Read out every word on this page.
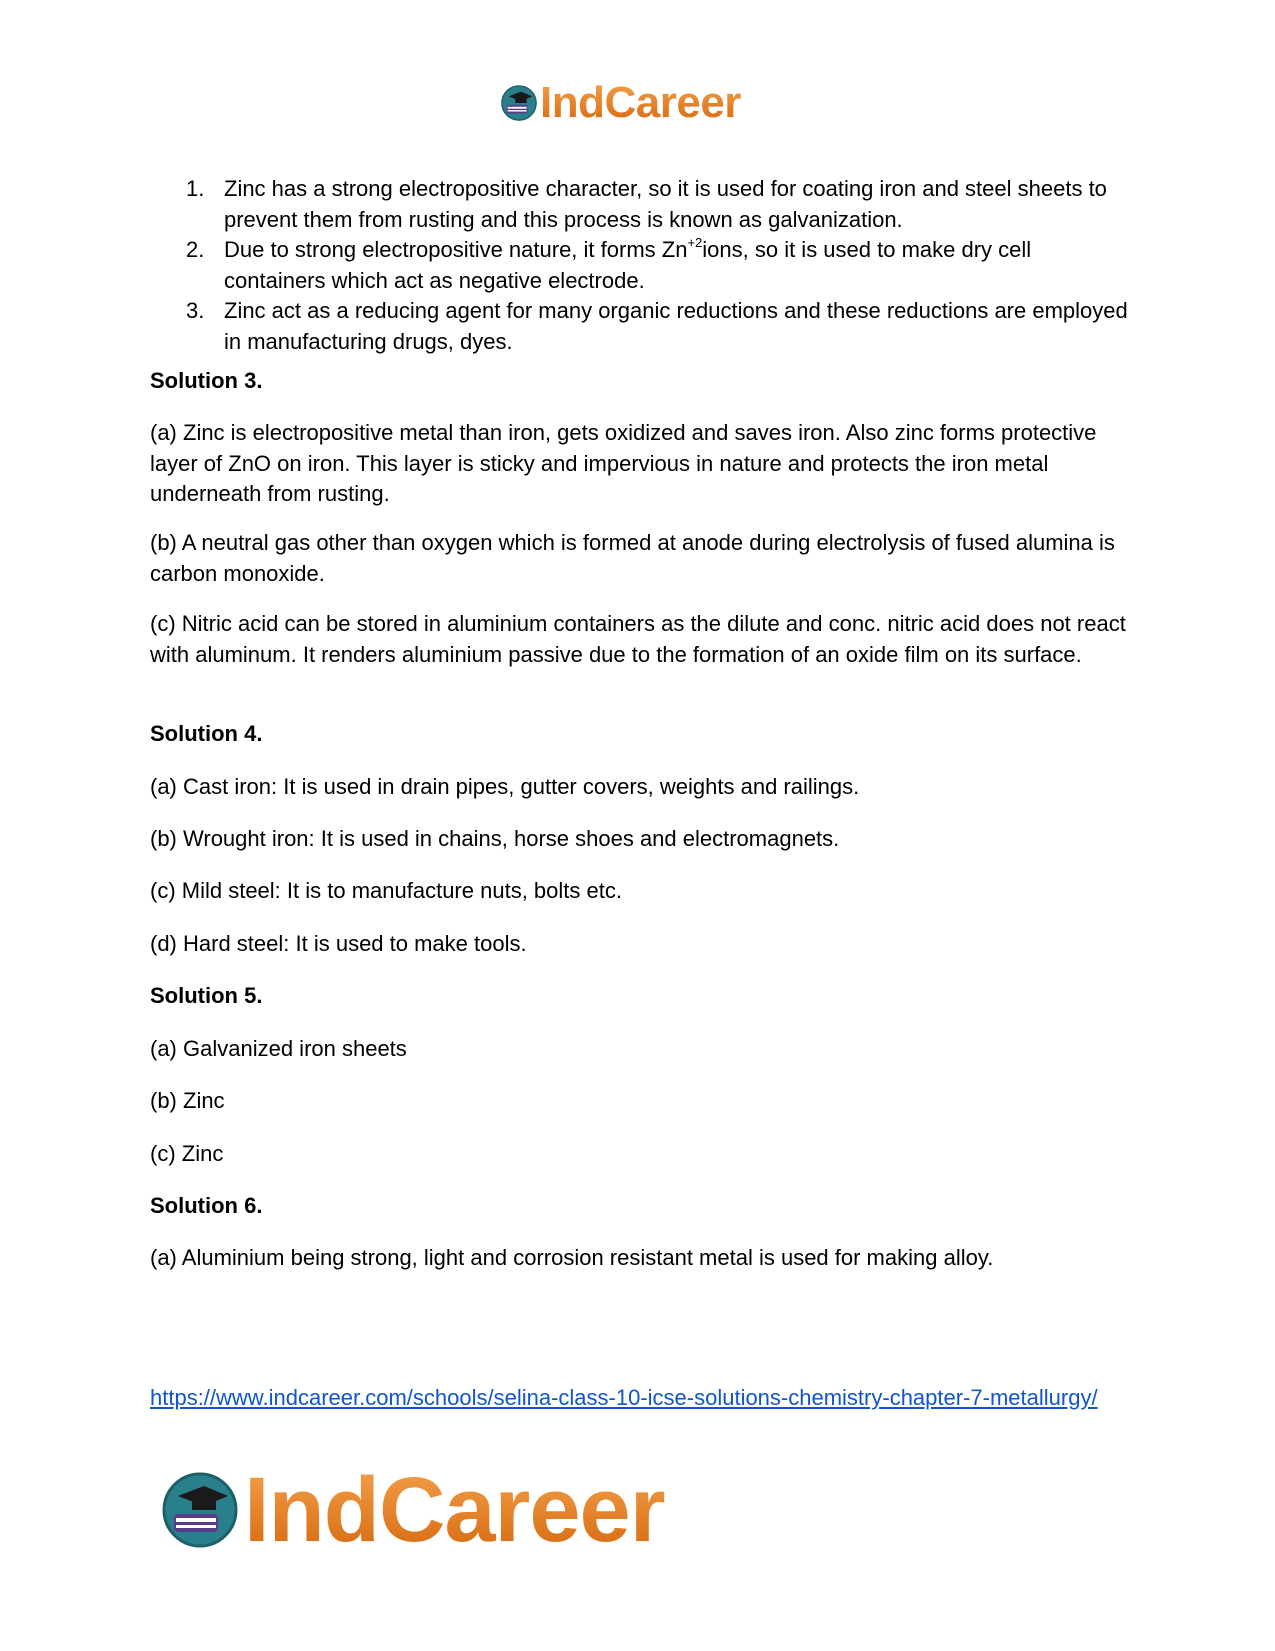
IndCareer
1. Zinc has a strong electropositive character, so it is used for coating iron and steel sheets to prevent them from rusting and this process is known as galvanization.
2. Due to strong electropositive nature, it forms $Zn^{+2}ions$, so it is used to make dry cell containers which act as negative electrode.
3. Zinc act as a reducing agent for many organic reductions and these reductions are employed in manufacturing drugs, dyes.

Solution 3.

(a) Zinc is electropositive metal than iron, gets oxidized and saves iron. Also zinc forms protective layer of ZnO on iron. This layer is sticky and impervious in nature and protects the iron metal underneath from rusting.

(b) A neutral gas other than oxygen which is formed at anode during electrolysis of fused alumina is carbon monoxide.

(c) Nitric acid can be stored in aluminium containers as the dilute and conc. nitric acid does not react with aluminum. It renders aluminium passive due to the formation of an oxide film on its surface.

Solution 4.

(a) Cast iron: It is used in drain pipes, gutter covers, weights and railings.

(b) Wrought iron: It is used in chains, horse shoes and electromagnets.

(c) Mild steel: It is to manufacture nuts, bolts etc.

(d) Hard steel: It is used to make tools.

Solution 5.

(a) Galvanized iron sheets

(b) Zinc

(c) Zinc

Solution 6.

(a) Aluminium being strong, light and corrosion resistant metal is used for making alloy.

https://www.indcareer.com/schools/selina-class-10-icse-solutions-chemistry-chapter-7-metallurgy/
IndCareer
